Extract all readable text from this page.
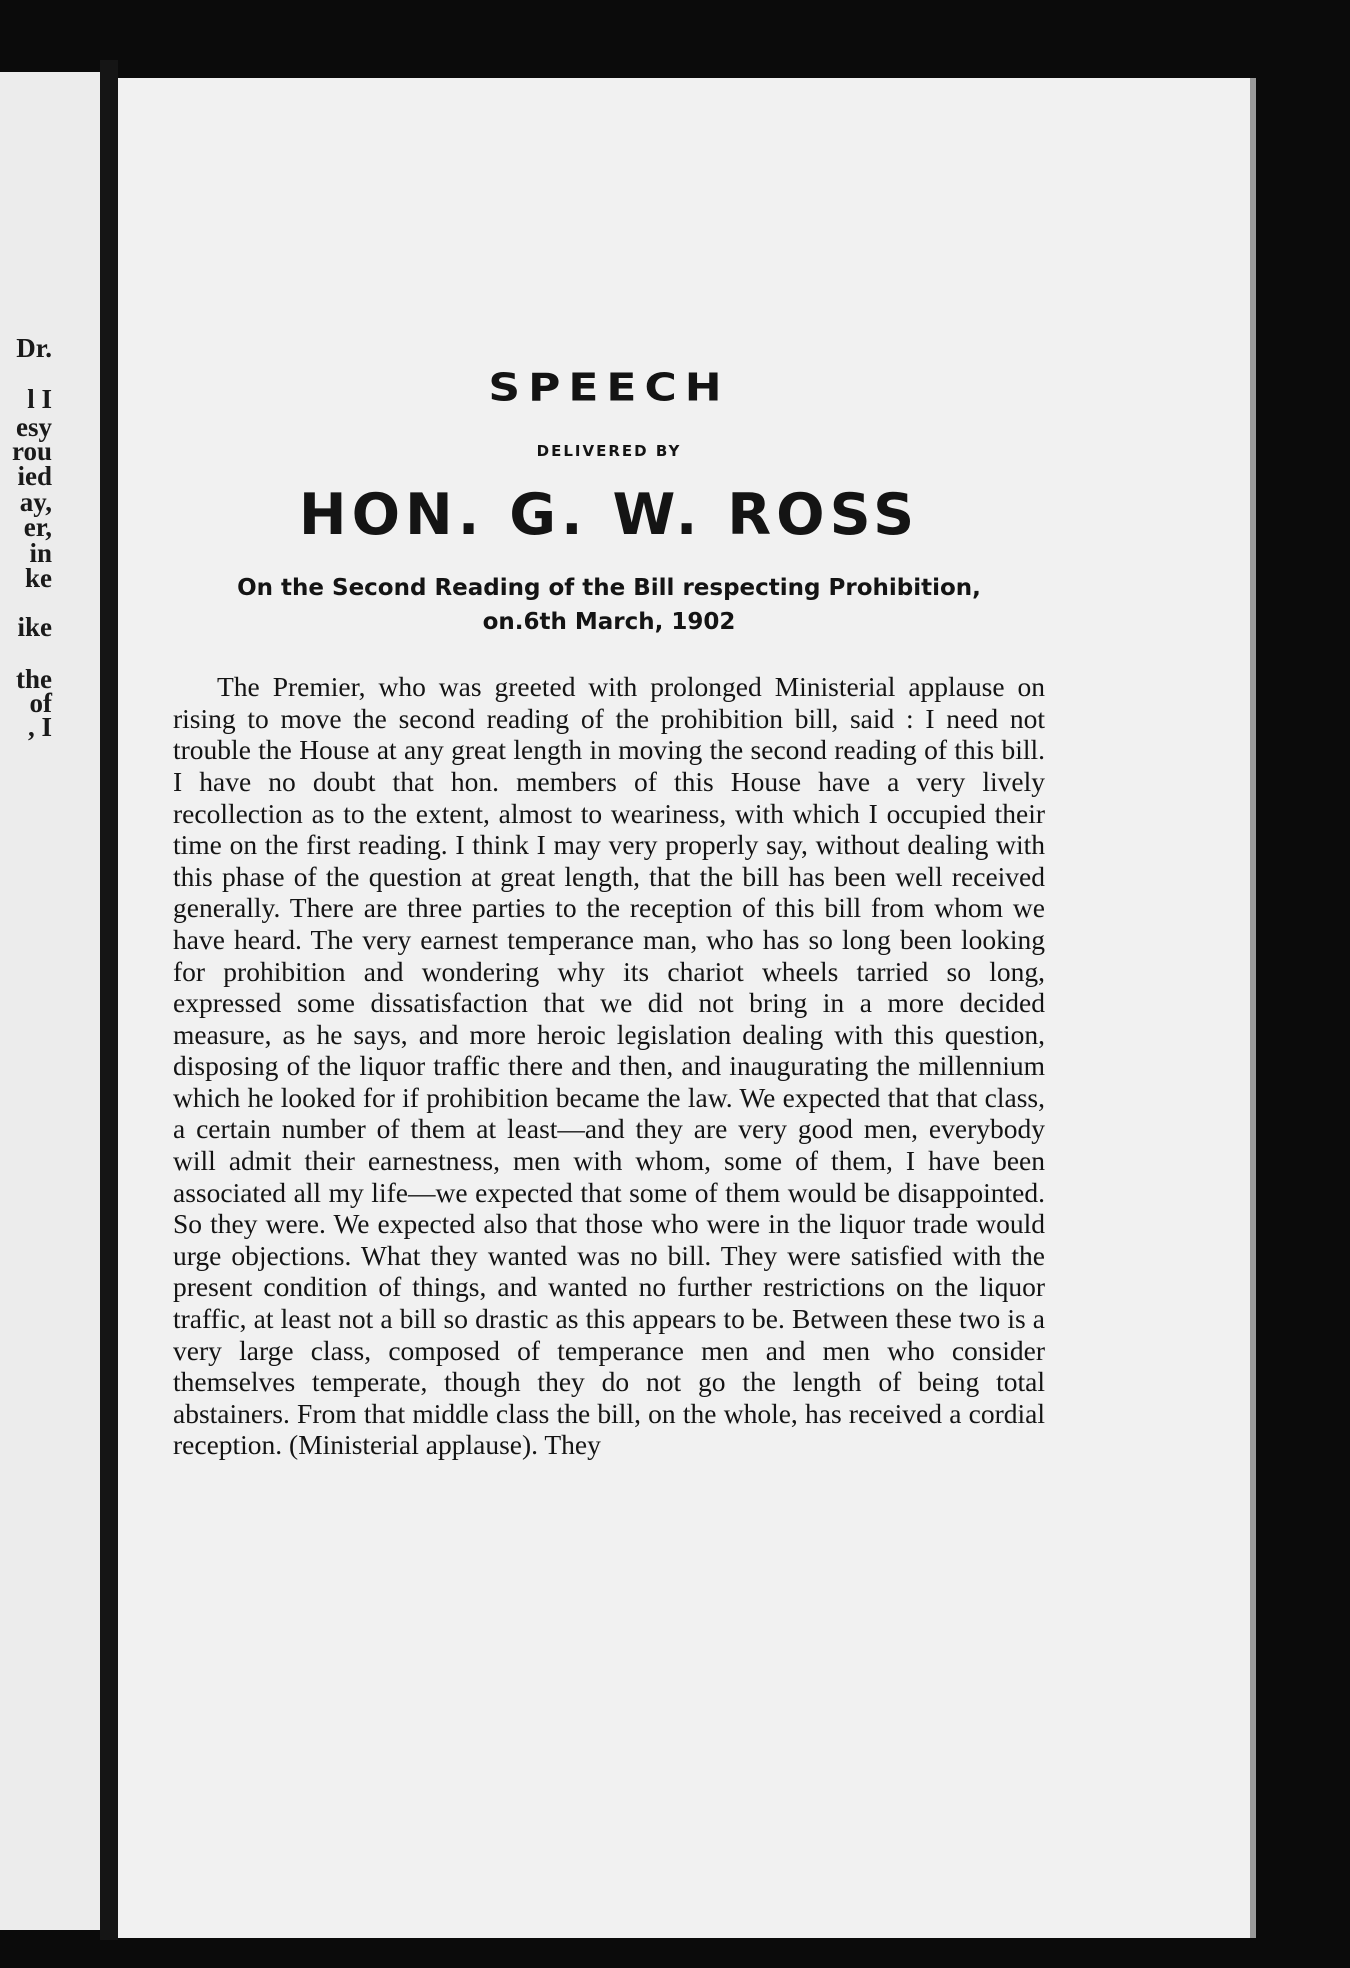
Dr.
l I
esy
rou
ied
ay,
er,
in
ke
ike
the
of
, I
SPEECH
DELIVERED BY
HON. G. W. ROSS
On the Second Reading of the Bill respecting Prohibition,
on.6th March, 1902

The Premier, who was greeted with prolonged Ministerial applause on rising to move the second reading of the prohibition bill, said : I need not trouble the House at any great length in moving the second reading of this bill. I have no doubt that hon. members of this House have a very lively recollection as to the extent, almost to weariness, with which I occupied their time on the first reading. I think I may very properly say, without dealing with this phase of the question at great length, that the bill has been well received generally. There are three parties to the reception of this bill from whom we have heard. The very earnest temperance man, who has so long been looking for prohibition and wondering why its chariot wheels tarried so long, expressed some dissatisfaction that we did not bring in a more decided measure, as he says, and more heroic legislation dealing with this question, disposing of the liquor traffic there and then, and inaugurating the millennium which he looked for if prohibition became the law. We expected that that class, a certain number of them at least—and they are very good men, everybody will admit their earnestness, men with whom, some of them, I have been associated all my life—we expected that some of them would be disappointed. So they were. We expected also that those who were in the liquor trade would urge objections. What they wanted was no bill. They were satisfied with the present condition of things, and wanted no further restrictions on the liquor traffic, at least not a bill so drastic as this appears to be. Between these two is a very large class, composed of temperance men and men who consider themselves temperate, though they do not go the length of being total abstainers. From that middle class the bill, on the whole, has received a cordial reception. (Ministerial applause). They
